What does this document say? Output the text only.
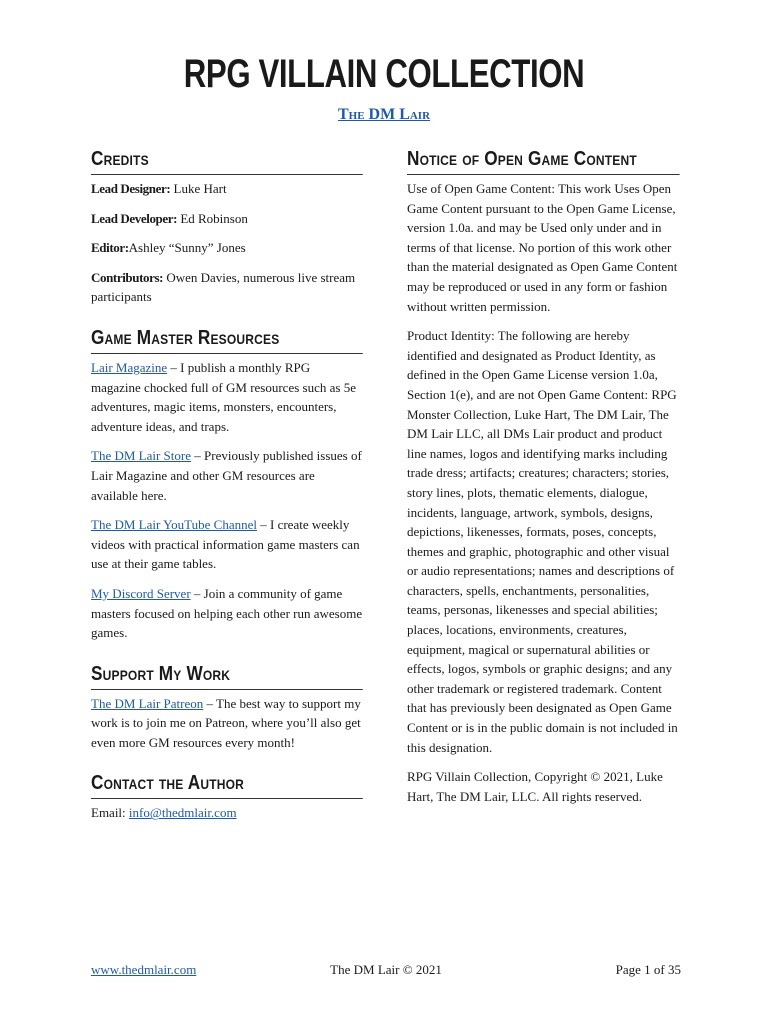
RPG VILLAIN COLLECTION
The DM Lair
Credits

Lead Designer: Luke Hart

Lead Developer: Ed Robinson

Editor:Ashley “Sunny” Jones

Contributors: Owen Davies, numerous live stream participants

Game Master Resources

Lair Magazine – I publish a monthly RPG magazine chocked full of GM resources such as 5e adventures, magic items, monsters, encounters, adventure ideas, and traps.

The DM Lair Store – Previously published issues of Lair Magazine and other GM resources are available here.

The DM Lair YouTube Channel – I create weekly videos with practical information game masters can use at their game tables.

My Discord Server – Join a community of game masters focused on helping each other run awesome games.

Support My Work

The DM Lair Patreon – The best way to support my work is to join me on Patreon, where you’ll also get even more GM resources every month!

Contact the Author

Email: info@thedmlair.com

Notice of Open Game Content

Use of Open Game Content: This work Uses Open Game Content pursuant to the Open Game License, version 1.0a. and may be Used only under and in terms of that license. No portion of this work other than the material designated as Open Game Content may be reproduced or used in any form or fashion without written permission.

Product Identity: The following are hereby identified and designated as Product Identity, as defined in the Open Game License version 1.0a, Section 1(e), and are not Open Game Content: RPG Monster Collection, Luke Hart, The DM Lair, The DM Lair LLC, all DMs Lair product and product line names, logos and identifying marks including trade dress; artifacts; creatures; characters; stories, story lines, plots, thematic elements, dialogue, incidents, language, artwork, symbols, designs, depictions, likenesses, formats, poses, concepts, themes and graphic, photographic and other visual or audio representations; names and descriptions of characters, spells, enchantments, personalities, teams, personas, likenesses and special abilities; places, locations, environments, creatures, equipment, magical or supernatural abilities or effects, logos, symbols or graphic designs; and any other trademark or registered trademark. Content that has previously been designated as Open Game Content or is in the public domain is not included in this designation.

RPG Villain Collection, Copyright © 2021, Luke Hart, The DM Lair, LLC. All rights reserved.

The DM Lair © 2021
www.thedmlair.com	Page 1 of 35
